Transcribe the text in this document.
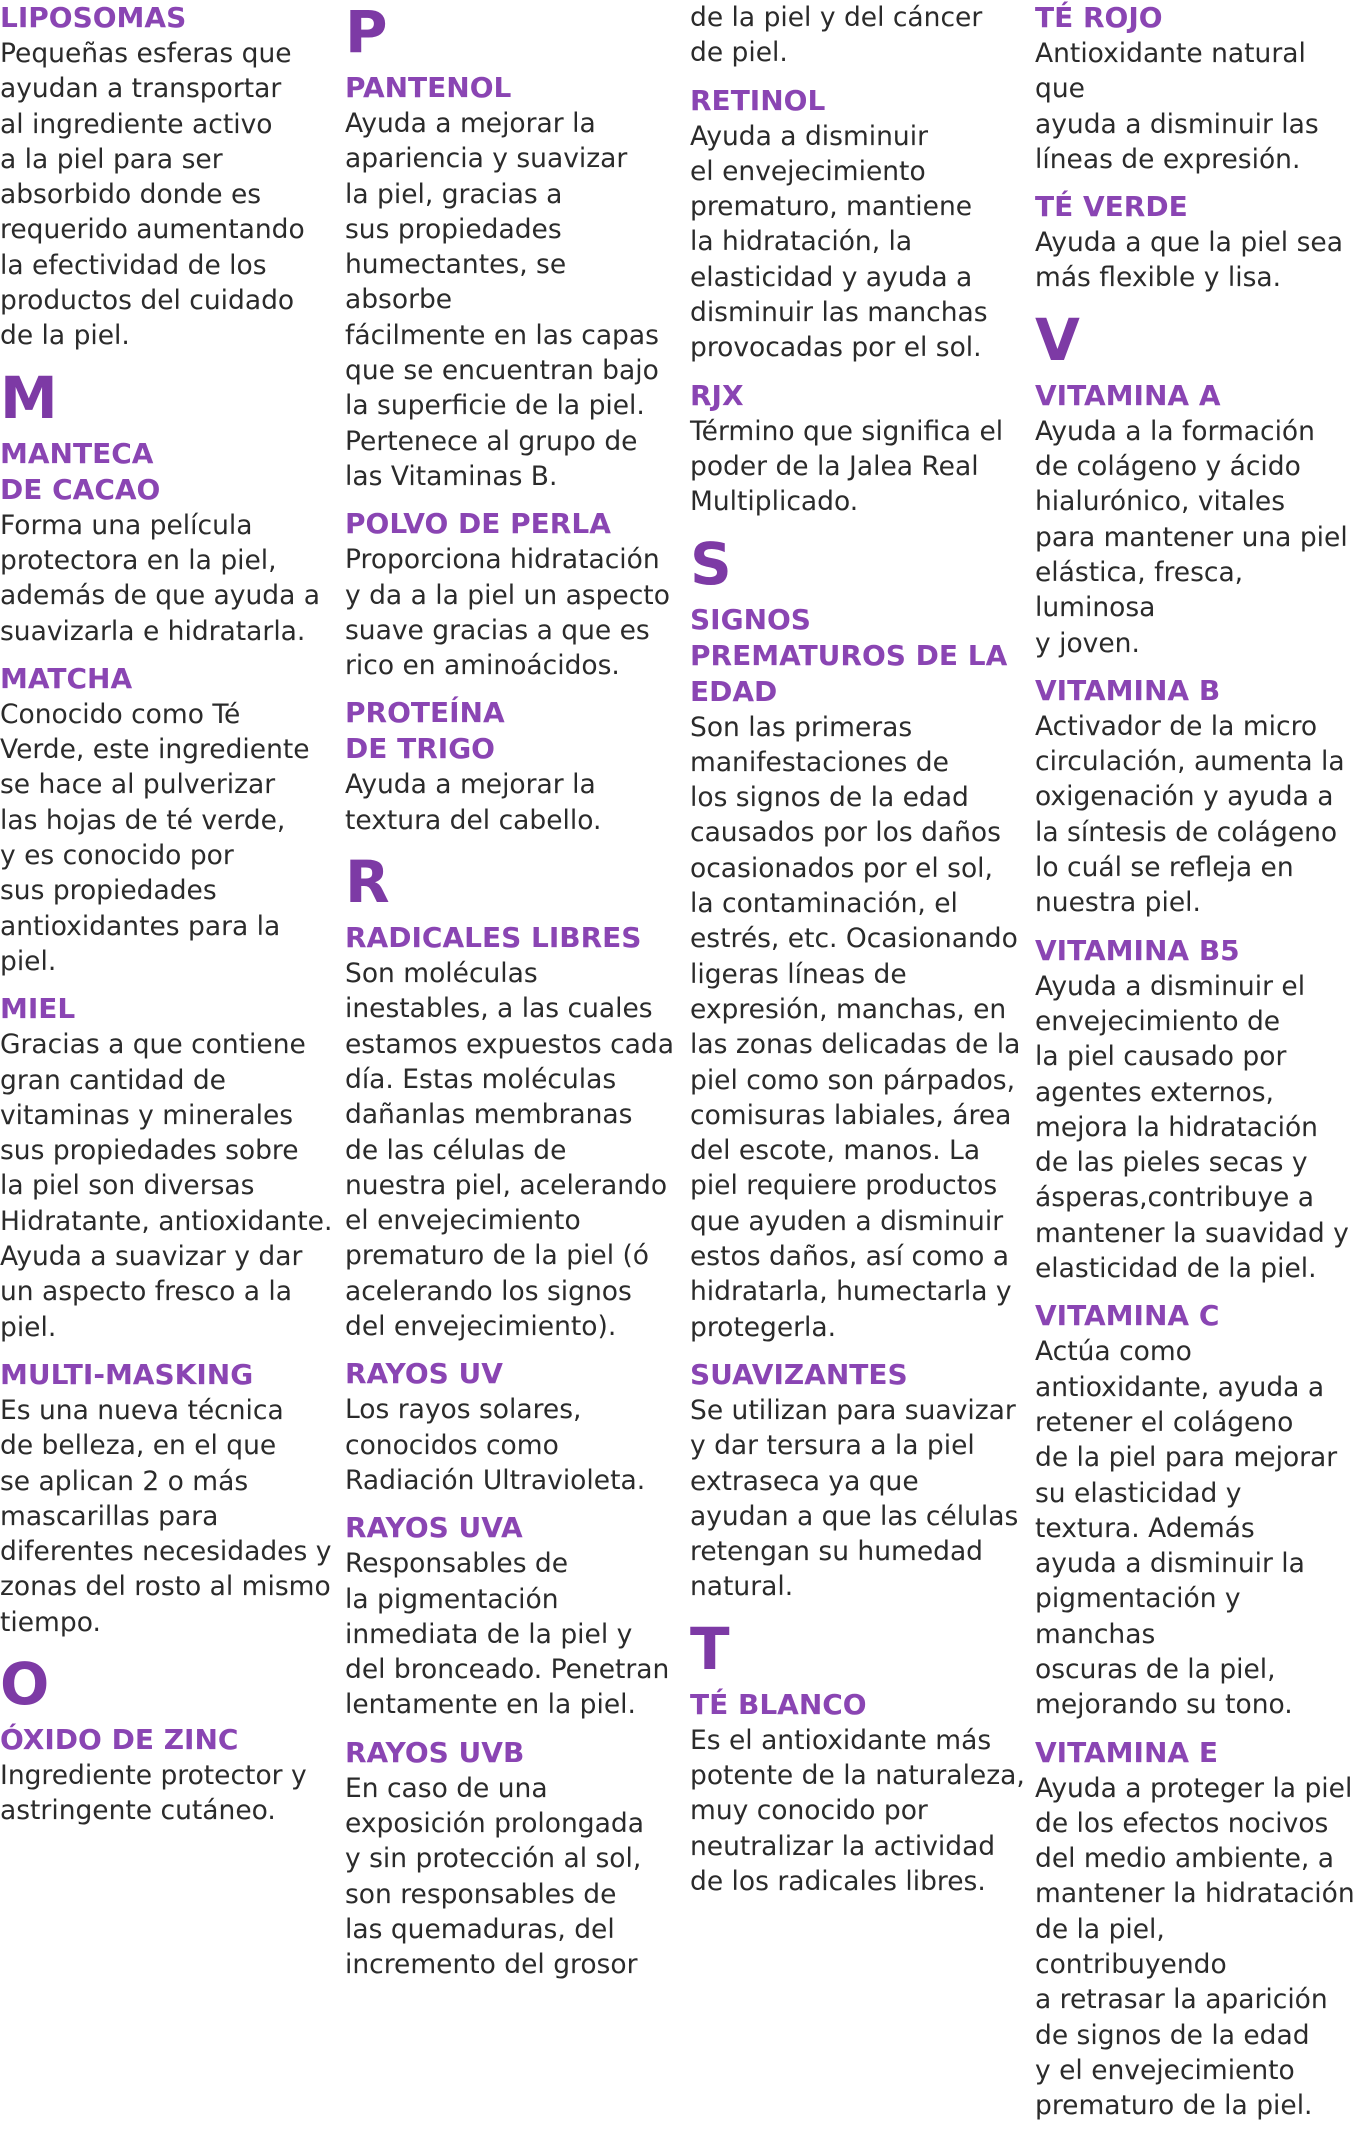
LIPOSOMAS

Pequeñas esferas que
ayudan a transportar
al ingrediente activo
a la piel para ser
absorbido donde es
requerido aumentando
la efectividad de los
productos del cuidado
de la piel.

M
MANTECA
DE CACAO

Forma una película
protectora en la piel,
además de que ayuda a
suavizarla e hidratarla.

MATCHA

Conocido como Té
Verde, este ingrediente
se hace al pulverizar
las hojas de té verde,
y es conocido por
sus propiedades
antioxidantes para la
piel.

MIEL

Gracias a que contiene
gran cantidad de
vitaminas y minerales
sus propiedades sobre
la piel son diversas
Hidratante, antioxidante.
Ayuda a suavizar y dar
un aspecto fresco a la
piel.

MULTI-MASKING

Es una nueva técnica
de belleza, en el que
se aplican 2 o más
mascarillas para
diferentes necesidades y
zonas del rosto al mismo
tiempo.

O
ÓXIDO DE ZINC

Ingrediente protector y
astringente cutáneo.

P
PANTENOL

Ayuda a mejorar la
apariencia y suavizar
la piel, gracias a
sus propiedades
humectantes, se absorbe
fácilmente en las capas
que se encuentran bajo
la superficie de la piel.
Pertenece al grupo de
las Vitaminas B.

POLVO DE PERLA

Proporciona hidratación
y da a la piel un aspecto
suave gracias a que es
rico en aminoácidos.

PROTEÍNA
DE TRIGO

Ayuda a mejorar la
textura del cabello.

R
RADICALES LIBRES

Son moléculas
inestables, a las cuales
estamos expuestos cada
día. Estas moléculas
dañanlas membranas
de las células de
nuestra piel, acelerando
el envejecimiento
prematuro de la piel (ó
acelerando los signos
del envejecimiento).

RAYOS UV

Los rayos solares,
conocidos como
Radiación Ultravioleta.

RAYOS UVA

Responsables de
la pigmentación
inmediata de la piel y
del bronceado. Penetran
lentamente en la piel.

RAYOS UVB

En caso de una
exposición prolongada
y sin protección al sol,
son responsables de
las quemaduras, del
incremento del grosor

de la piel y del cáncer
de piel.

RETINOL

Ayuda a disminuir
el envejecimiento
prematuro, mantiene
la hidratación, la
elasticidad y ayuda a
disminuir las manchas
provocadas por el sol.

RJX

Término que significa el
poder de la Jalea Real
Multiplicado.

S
SIGNOS
PREMATUROS DE LA
EDAD

Son las primeras
manifestaciones de
los signos de la edad
causados por los daños
ocasionados por el sol,
la contaminación, el
estrés, etc. Ocasionando
ligeras líneas de
expresión, manchas, en
las zonas delicadas de la
piel como son párpados,
comisuras labiales, área
del escote, manos. La
piel requiere productos
que ayuden a disminuir
estos daños, así como a
hidratarla, humectarla y
protegerla.

SUAVIZANTES

Se utilizan para suavizar
y dar tersura a la piel
extraseca ya que
ayudan a que las células
retengan su humedad
natural.

T
TÉ BLANCO

Es el antioxidante más
potente de la naturaleza,
muy conocido por
neutralizar la actividad
de los radicales libres.

TÉ ROJO

Antioxidante natural que
ayuda a disminuir las
líneas de expresión.

TÉ VERDE

Ayuda a que la piel sea
más flexible y lisa.

V
VITAMINA A

Ayuda a la formación
de colágeno y ácido
hialurónico, vitales
para mantener una piel
elástica, fresca, luminosa
y joven.

VITAMINA B

Activador de la micro
circulación, aumenta la
oxigenación y ayuda a
la síntesis de colágeno
lo cuál se refleja en
nuestra piel.

VITAMINA B5

Ayuda a disminuir el
envejecimiento de
la piel causado por
agentes externos,
mejora la hidratación
de las pieles secas y
ásperas,contribuye a
mantener la suavidad y
elasticidad de la piel.

VITAMINA C

Actúa como
antioxidante, ayuda a
retener el colágeno
de la piel para mejorar
su elasticidad y
textura. Además
ayuda a disminuir la
pigmentación y manchas
oscuras de la piel,
mejorando su tono.

VITAMINA E

Ayuda a proteger la piel
de los efectos nocivos
del medio ambiente, a
mantener la hidratación
de la piel, contribuyendo
a retrasar la aparición
de signos de la edad
y el envejecimiento
prematuro de la piel.
